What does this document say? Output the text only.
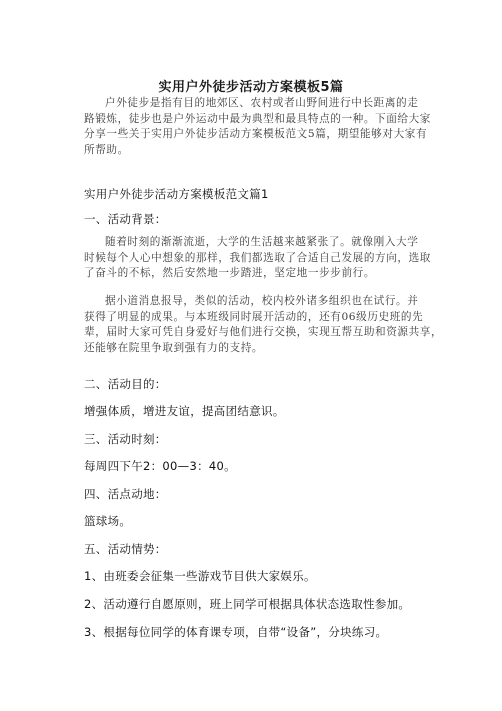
实用户外徒步活动方案模板5篇

户外徒步是指有目的地郊区、农村或者山野间进行中长距离的走
路锻炼，徒步也是户外运动中最为典型和最具特点的一种。下面给大家
分享一些关于实用户外徒步活动方案模板范文5篇，期望能够对大家有
所帮助。

实用户外徒步活动方案模板范文篇1
一、活动背景：

随着时刻的渐渐流逝，大学的生活越来越紧张了。就像刚入大学
时候每个人心中想象的那样，我们都选取了合适自己发展的方向，选取
了奋斗的不标，然后安然地一步踏进，坚定地一步步前行。

据小道消息报导，类似的活动，校内校外诸多组织也在试行。并
获得了明显的成果。与本班级同时展开活动的，还有06级历史班的先
辈，届时大家可凭自身爱好与他们进行交换，实现互帮互助和资源共享，
还能够在院里争取到强有力的支持。

二、活动目的：
增强体质，增进友谊，提高团结意识。
三、活动时刻：
每周四下午2：00—3：40。
四、活点动地：
篮球场。
五、活动情势：
1、由班委会征集一些游戏节目供大家娱乐。
2、活动遵行自愿原则，班上同学可根据具体状态选取性参加。
3、根据每位同学的体育课专项，自带“设备”，分块练习。
